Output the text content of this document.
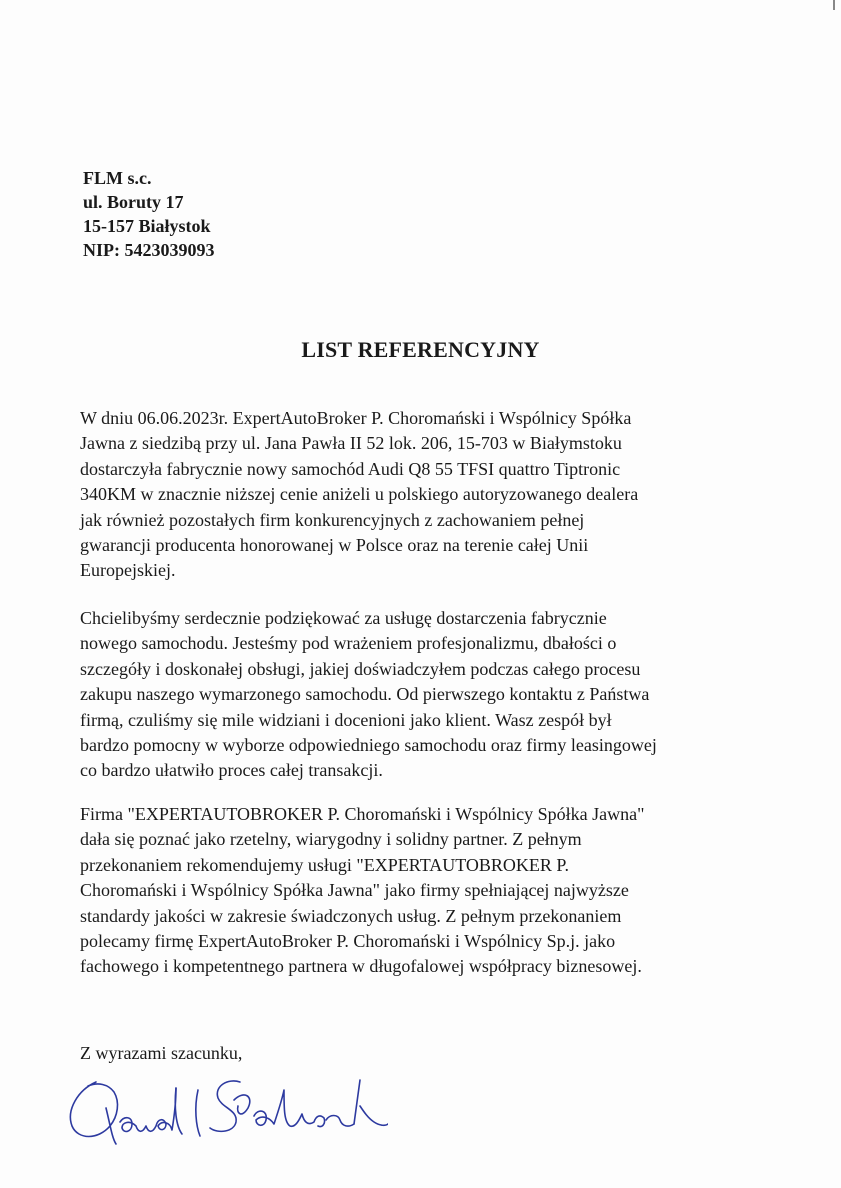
FLM s.c.
ul. Boruty 17
15-157 Białystok
NIP: 5423039093
LIST REFERENCYJNY

W dniu 06.06.2023r. ExpertAutoBroker P. Choromański i Wspólnicy Spółka

Jawna z siedzibą przy ul. Jana Pawła II 52 lok. 206, 15-703 w Białymstoku

dostarczyła fabrycznie nowy samochód Audi Q8 55 TFSI quattro Tiptronic

340KM w znacznie niższej cenie aniżeli u polskiego autoryzowanego dealera

jak również pozostałych firm konkurencyjnych z zachowaniem pełnej

gwarancji producenta honorowanej w Polsce oraz na terenie całej Unii

Europejskiej.

Chcielibyśmy serdecznie podziękować za usługę dostarczenia fabrycznie

nowego samochodu. Jesteśmy pod wrażeniem profesjonalizmu, dbałości o

szczegóły i doskonałej obsługi, jakiej doświadczyłem podczas całego procesu

zakupu naszego wymarzonego samochodu. Od pierwszego kontaktu z Państwa

firmą, czuliśmy się mile widziani i docenioni jako klient. Wasz zespół był

bardzo pomocny w wyborze odpowiedniego samochodu oraz firmy leasingowej

co bardzo ułatwiło proces całej transakcji.

Firma "EXPERTAUTOBROKER P. Choromański i Wspólnicy Spółka Jawna"

dała się poznać jako rzetelny, wiarygodny i solidny partner. Z pełnym

przekonaniem rekomendujemy usługi "EXPERTAUTOBROKER P.

Choromański i Wspólnicy Spółka Jawna" jako firmy spełniającej najwyższe

standardy jakości w zakresie świadczonych usług. Z pełnym przekonaniem

polecamy firmę ExpertAutoBroker P. Choromański i Wspólnicy Sp.j. jako

fachowego i kompetentnego partnera w długofalowej współpracy biznesowej.

Z wyrazami szacunku,
